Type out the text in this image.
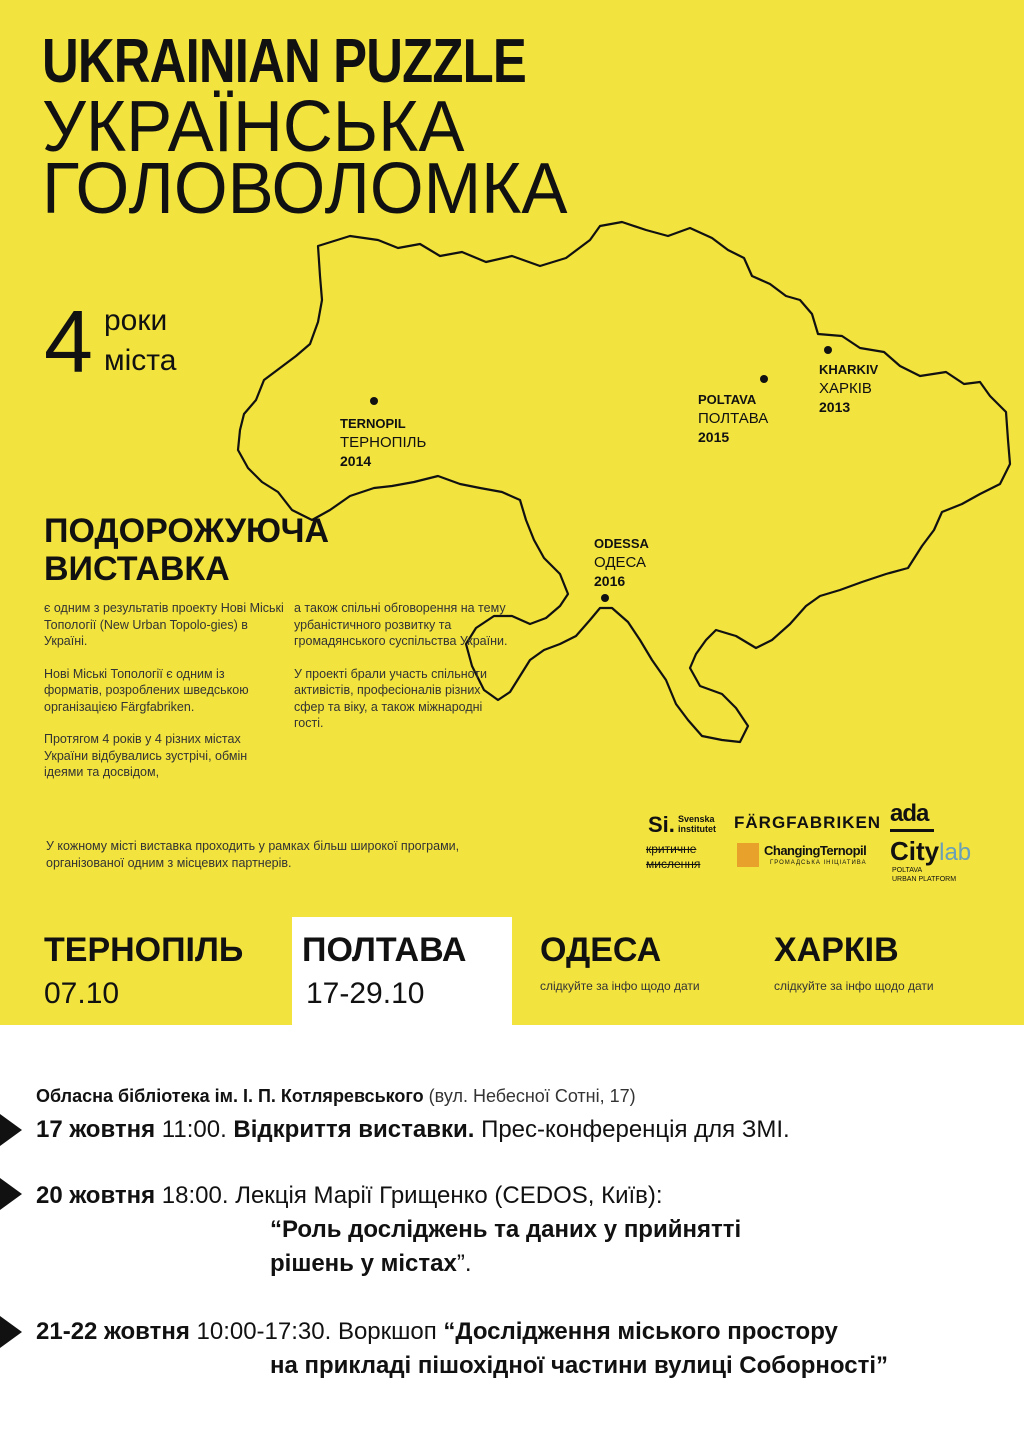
UKRAINIAN PUZZLE
УКРАЇНСЬКА
ГОЛОВОЛОМКА
4 роки
міста
TERNOPIL
ТЕРНОПІЛЬ
2014
POLTAVA
ПОЛТАВА
2015
KHARKIV
ХАРКІВ
2013
ODESSA
ОДЕСА
2016
ПОДОРОЖУЮЧА
ВИСТАВКА

є одним з результатів проекту Нові Міські Топології (New Urban Topolo-gies) в Україні.

Нові Міські Топології є одним із форматів, розроблених шведською організацією Färgfabriken.

Протягом 4 років у 4 різних містах України відбувались зустрічі, обмін ідеями та досвідом,

а також спільні обговорення на тему урбаністичного розвитку та громадянського суспільства України.

У проекті брали участь спільноти активістів, професіоналів різних сфер та віку, а також міжнародні гості.

У кожному місті виставка проходить у рамках більш широкої програми, організованої одним з місцевих партнерів.
Si. Svenska
institutet FÄRGFABRIKEN ada
критичне
мислення
ChangingTernopil
ГРОМАДСЬКА ІНІЦІАТИВА Citylab
POLTAVA
URBAN PLATFORM
ТЕРНОПІЛЬ
07.10
ПОЛТАВА
17-29.10
ОДЕСА
слідкуйте за інфо щодо дати
ХАРКІВ
слідкуйте за інфо щодо дати
Обласна бібліотека ім. І. П. Котляревського (вул. Небесної Сотні, 17)
17 жовтня 11:00. Відкриття виставки. Прес-конференція для ЗМІ.
20 жовтня 18:00. Лекція Марії Грищенко (CEDOS, Київ):
“Роль досліджень та даних у прийнятті
рішень у містах”.
21-22 жовтня 10:00-17:30. Воркшоп “Дослідження міського простору
на прикладі пішохідної частини вулиці Соборності”
